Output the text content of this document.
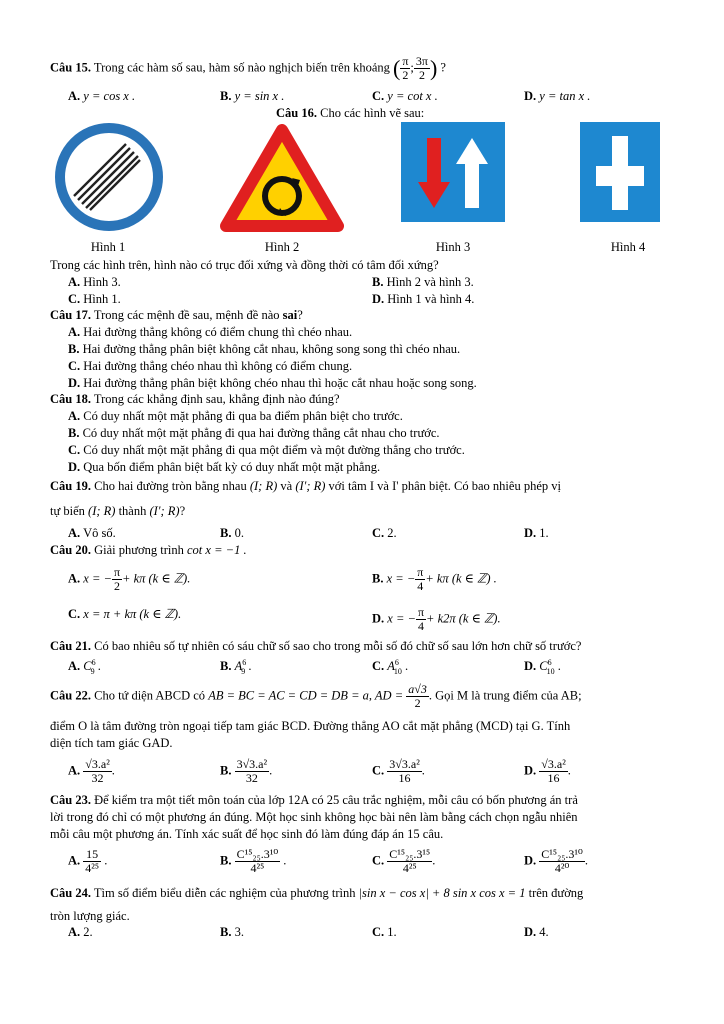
Câu 15. Trong các hàm số sau, hàm số nào nghịch biến trên khoảng ( $\frac{\pi}{2}$ ; $\frac{3\pi}{2}$ ) ?
A. y = cos x .	B. y = sin x .	C. y = cot x .	D. y = tan x .
Câu 16. Cho các hình vẽ sau:
Hình 1	Hình 2	Hình 3	Hình 4
Trong các hình trên, hình nào có trục đối xứng và đồng thời có tâm đối xứng?
A. Hình 3.	B. Hình 2 và hình 3.
C. Hình 1.	D. Hình 1 và hình 4.
Câu 17. Trong các mệnh đề sau, mệnh đề nào sai?
A. Hai đường thẳng không có điểm chung thì chéo nhau.
B. Hai đường thẳng phân biệt không cắt nhau, không song song thì chéo nhau.
C. Hai đường thẳng chéo nhau thì không có điểm chung.
D. Hai đường thẳng phân biệt không chéo nhau thì hoặc cắt nhau hoặc song song.
Câu 18. Trong các khẳng định sau, khẳng định nào đúng?
A. Có duy nhất một mặt phẳng đi qua ba điểm phân biệt cho trước.
B. Có duy nhất một mặt phẳng đi qua hai đường thẳng cắt nhau cho trước.
C. Có duy nhất một mặt phẳng đi qua một điểm và một đường thẳng cho trước.
D. Qua bốn điểm phân biệt bất kỳ có duy nhất một mặt phẳng.
Câu 19. Cho hai đường tròn bằng nhau (I; R) và (I'; R) với tâm I và I' phân biệt. Có bao nhiêu phép vị
tự biến (I; R) thành (I'; R)?
A. Vô số.	B. 0.	C. 2.	D. 1.
Câu 20. Giải phương trình cot x = −1 .
A. x = − $\frac{\pi}{2} + k\pi$ (k ∈ ℤ).	B. x = − $\frac{\pi}{4} + k\pi$ (k ∈ ℤ) .
C. x = π + kπ (k ∈ ℤ).	D. x = − $\frac{\pi}{4} + k2\pi$ (k ∈ ℤ).
Câu 21. Có bao nhiêu số tự nhiên có sáu chữ số sao cho trong mỗi số đó chữ số sau lớn hơn chữ số trước?
A. $C^6_9$ .	B. $A^6_9$ .	C. $A^6_{10}$ .	D. $C^6_{10}$ .
Câu 22. Cho tứ diện ABCD có AB = BC = AC = CD = DB = a, AD = $\frac{a√3}{2}$ . Gọi M là trung điểm của AB;
điểm O là tâm đường tròn ngoại tiếp tam giác BCD. Đường thẳng AO cắt mặt phẳng (MCD) tại G. Tính
diện tích tam giác GAD.
A. $\frac{\text{√3.a²}}{32}$ .	B. $\frac{\text{3√3.a²}}{32}$ .	C. $\frac{\text{3√3.a²}}{16}$ .	D. $\frac{\text{√3.a²}}{16}$ .
Câu 23. Để kiểm tra một tiết môn toán của lớp 12A có 25 câu trắc nghiệm, mỗi câu có bốn phương án trả
lời trong đó chỉ có một phương án đúng. Một học sinh không học bài nên làm bằng cách chọn ngẫu nhiên
mỗi câu một phương án. Tính xác suất để học sinh đó làm đúng đáp án 15 câu.
A. $\frac{15}{\text{4²⁵}}$ .	B. $\frac{\text{C¹⁵₂₅.3¹⁰}}{\text{4²⁵}}$ .	C. $\frac{\text{C¹⁵₂₅.3¹⁵}}{\text{4²⁵}}$ .	D. $\frac{\text{C¹⁵₂₅.3¹⁰}}{\text{4²⁰}}$ .
Câu 24. Tìm số điểm biểu diễn các nghiệm của phương trình |sin x − cos x| + 8 sin x cos x = 1 trên đường
tròn lượng giác.
A. 2.	B. 3.	C. 1.	D. 4.
